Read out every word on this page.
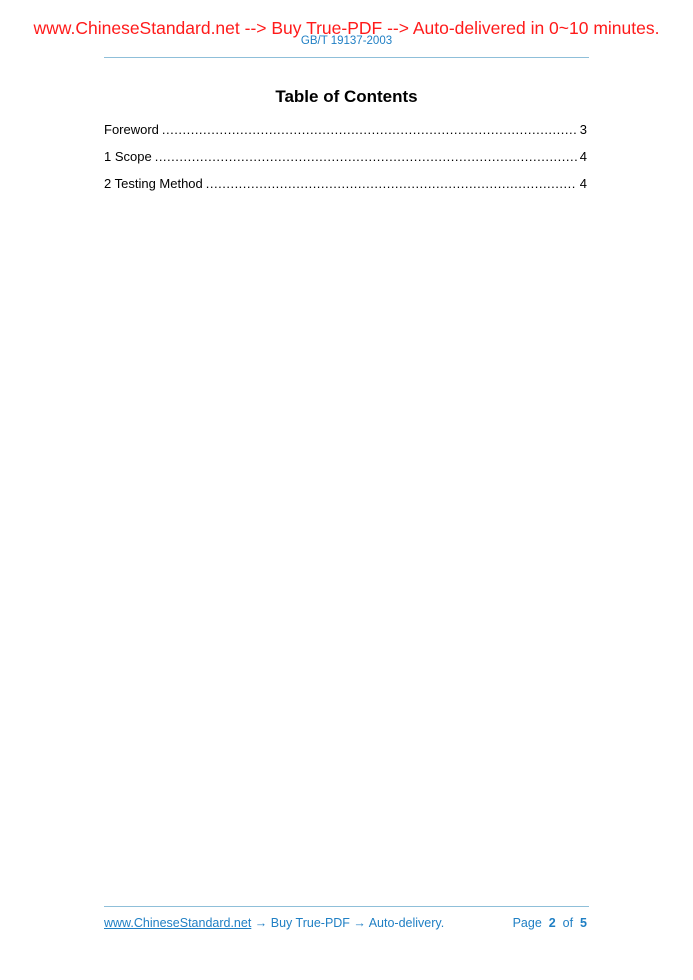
www.ChineseStandard.net --> Buy True-PDF --> Auto-delivered in 0~10 minutes.
GB/T 19137-2003
Table of Contents
Foreword .....	3
1 Scope .....	4
2 Testing Method .....	4
www.ChineseStandard.net → Buy True-PDF → Auto-delivery.	Page 2 of 5
